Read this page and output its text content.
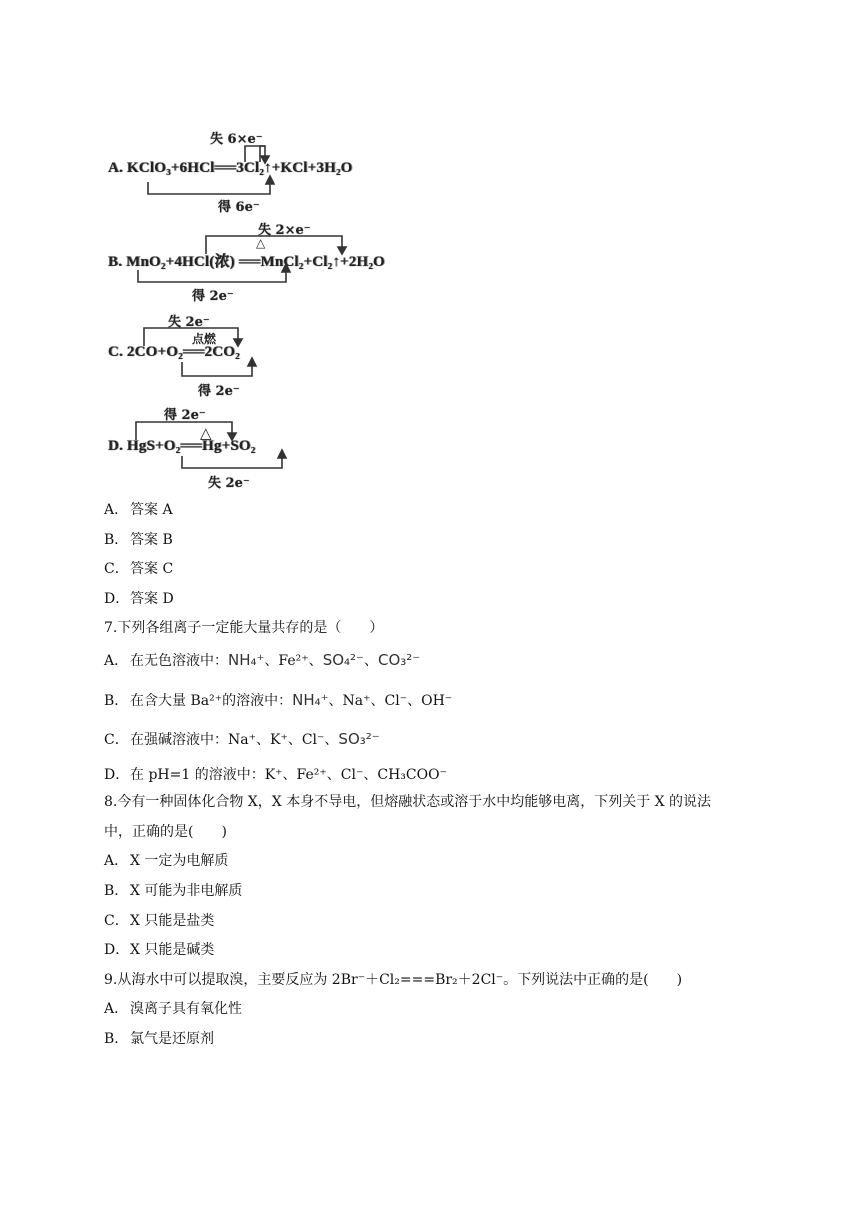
失 6×e⁻
A. KClO₃+6HCl══3Cl₂↑+KCl+3H₂O
得 6e⁻
失 2×e⁻
△
B. MnO₂+4HCl(浓) ══MnCl₂+Cl₂↑+2H₂O
得 2e⁻
失 2e⁻
点燃
C. 2CO+O₂══2CO₂
得 2e⁻
得 2e⁻
△
D. HgS+O₂══Hg+SO₂
失 2e⁻
A． 答案 A
B． 答案 B
C．答案 C
D．答案 D
7.下列各组离子一定能大量共存的是（　　）
A． 在无色溶液中：NH₄⁺、Fe²⁺、SO₄²⁻、CO₃²⁻
B． 在含大量 Ba²⁺的溶液中：NH₄⁺、Na⁺、Cl⁻、OH⁻
C．在强碱溶液中：Na⁺、K⁺、Cl⁻、SO₃²⁻
D．在 pH=1 的溶液中：K⁺、Fe²⁺、Cl⁻、CH₃COO⁻
8.今有一种固体化合物 X，X 本身不导电，但熔融状态或溶于水中均能够电离，下列关于 X 的说法
中，正确的是(　　)
A． X 一定为电解质
B． X 可能为非电解质
C．X 只能是盐类
D．X 只能是碱类
9.从海水中可以提取溴，主要反应为 2Br⁻＋Cl₂===Br₂＋2Cl⁻。下列说法中正确的是(　　)
A． 溴离子具有氧化性
B． 氯气是还原剂
